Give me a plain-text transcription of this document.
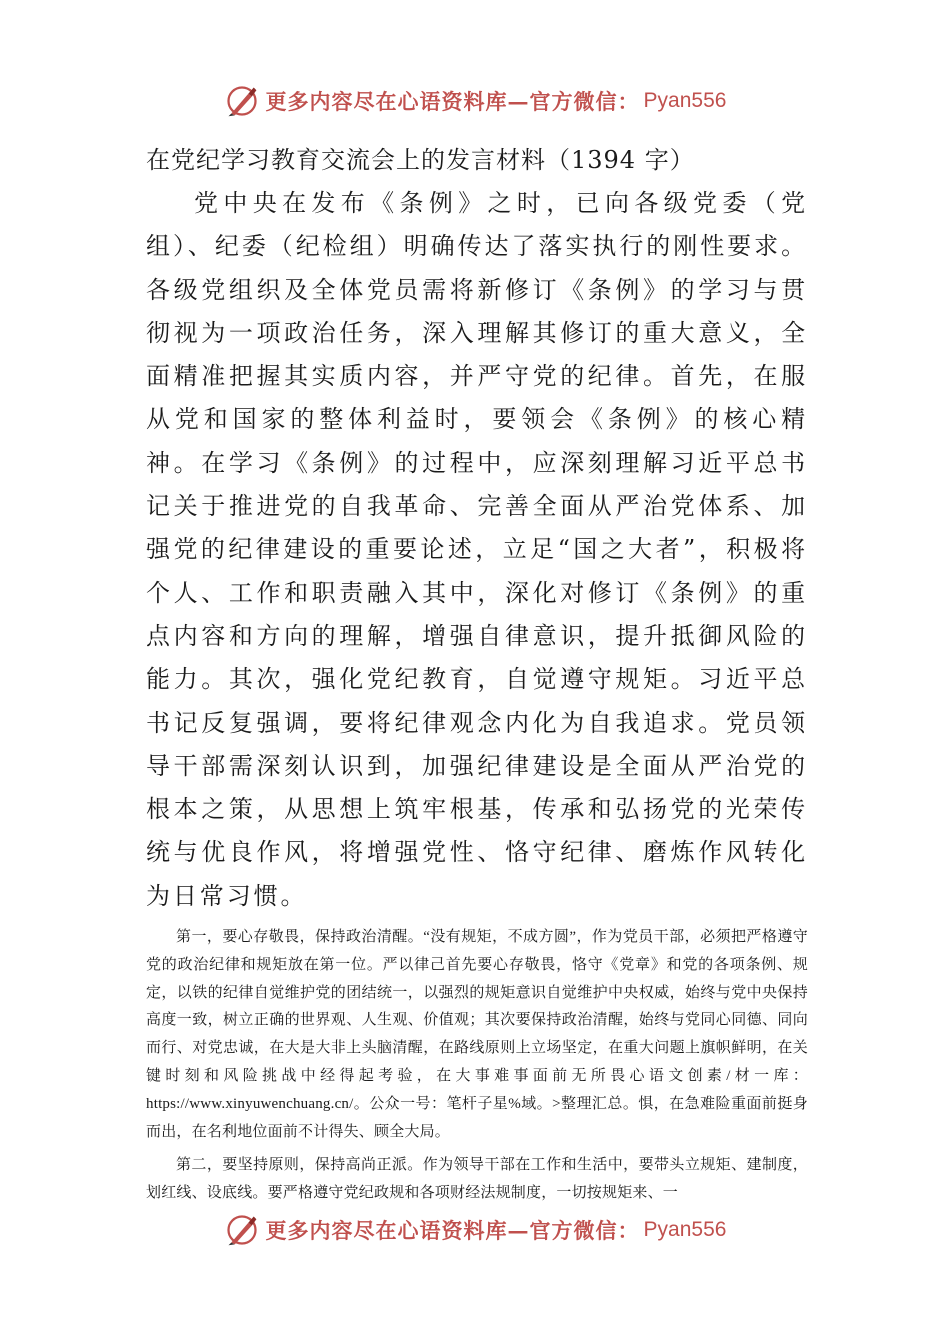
更多内容尽在心语资料库—官方微信： Pyan556

在党纪学习教育交流会上的发言材料（1394 字）

党中央在发布《条例》之时，已向各级党委（党组）、纪委（纪检组）明确传达了落实执行的刚性要求。各级党组织及全体党员需将新修订《条例》的学习与贯彻视为一项政治任务，深入理解其修订的重大意义，全面精准把握其实质内容，并严守党的纪律。首先，在服从党和国家的整体利益时，要领会《条例》的核心精神。在学习《条例》的过程中，应深刻理解习近平总书记关于推进党的自我革命、完善全面从严治党体系、加强党的纪律建设的重要论述，立足“国之大者”，积极将个人、工作和职责融入其中，深化对修订《条例》的重点内容和方向的理解，增强自律意识，提升抵御风险的能力。其次，强化党纪教育，自觉遵守规矩。习近平总书记反复强调，要将纪律观念内化为自我追求。党员领导干部需深刻认识到，加强纪律建设是全面从严治党的根本之策，从思想上筑牢根基，传承和弘扬党的光荣传统与优良作风，将增强党性、恪守纪律、磨炼作风转化为日常习惯。

第一，要心存敬畏，保持政治清醒。“没有规矩，不成方圆”，作为党员干部，必须把严格遵守党的政治纪律和规矩放在第一位。严以律己首先要心存敬畏，恪守《党章》和党的各项条例、规定，以铁的纪律自觉维护党的团结统一，以强烈的规矩意识自觉维护中央权威，始终与党中央保持高度一致，树立正确的世界观、人生观、价值观；其次要保持政治清醒，始终与党同心同德、同向而行、对党忠诚，在大是大非上头脑清醒，在路线原则上立场坚定，在重大问题上旗帜鲜明，在关键时刻和风险挑战中经得起考验，在大事难事面前无所畏心语文创素/材一库：https://www.xinyuwenchuang.cn/。公众一号：笔杆子星%域。>整理汇总。惧，在急难险重面前挺身而出，在名利地位面前不计得失、顾全大局。

第二，要坚持原则，保持高尚正派。作为领导干部在工作和生活中，要带头立规矩、建制度，划红线、设底线。要严格遵守党纪政规和各项财经法规制度，一切按规矩来、一

更多内容尽在心语资料库—官方微信： Pyan556
